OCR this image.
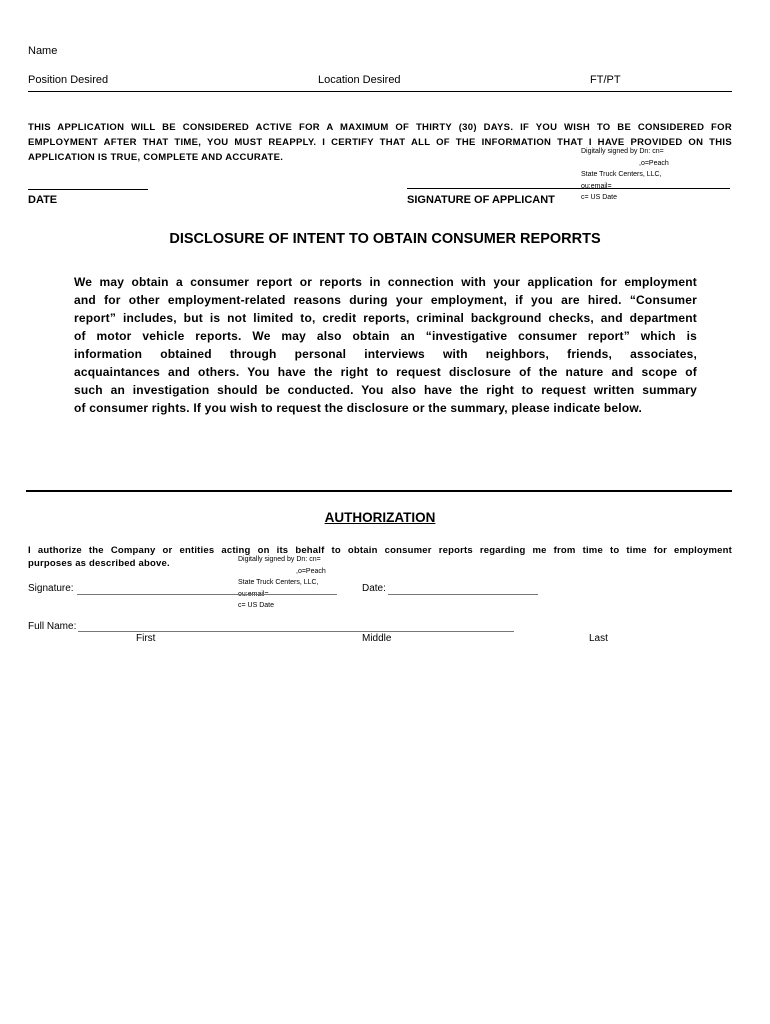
Name
Position Desired	Location Desired	FT/PT
THIS APPLICATION WILL BE CONSIDERED ACTIVE FOR A MAXIMUM OF THIRTY (30) DAYS. IF YOU WISH TO BE CONSIDERED FOR
EMPLOYMENT AFTER THAT TIME, YOU MUST REAPPLY. I CERTIFY THAT ALL OF THE INFORMATION THAT I HAVE PROVIDED ON THIS
APPLICATION IS TRUE, COMPLETE AND ACCURATE.
Digitally signed by Dn: cn=
,o=Peach
State Truck Centers, LLC,
ou:email=
c= US Date
DATE	SIGNATURE OF APPLICANT
DISCLOSURE OF INTENT TO OBTAIN CONSUMER REPORRTS
We may obtain a consumer report or reports in connection with your application for employment
and for other employment-related reasons during your employment, if you are hired. “Consumer
report” includes, but is not limited to, credit reports, criminal background checks, and department
of motor vehicle reports. We may also obtain an “investigative consumer report” which is
information obtained through personal interviews with neighbors, friends, associates,
acquaintances and others. You have the right to request disclosure of the nature and scope of
such an investigation should be conducted. You also have the right to request written summary
of consumer rights. If you wish to request the disclosure or the summary, please indicate below.
AUTHORIZATION
I authorize the Company or entities acting on its behalf to obtain consumer reports regarding me from time to time for employment
purposes as described above.	Digitally signed by Dn: cn=
,o=Peach
State Truck Centers, LLC,
ou:email=
c= US Date
Signature:	Date:
Full Name:
First	Middle	Last
